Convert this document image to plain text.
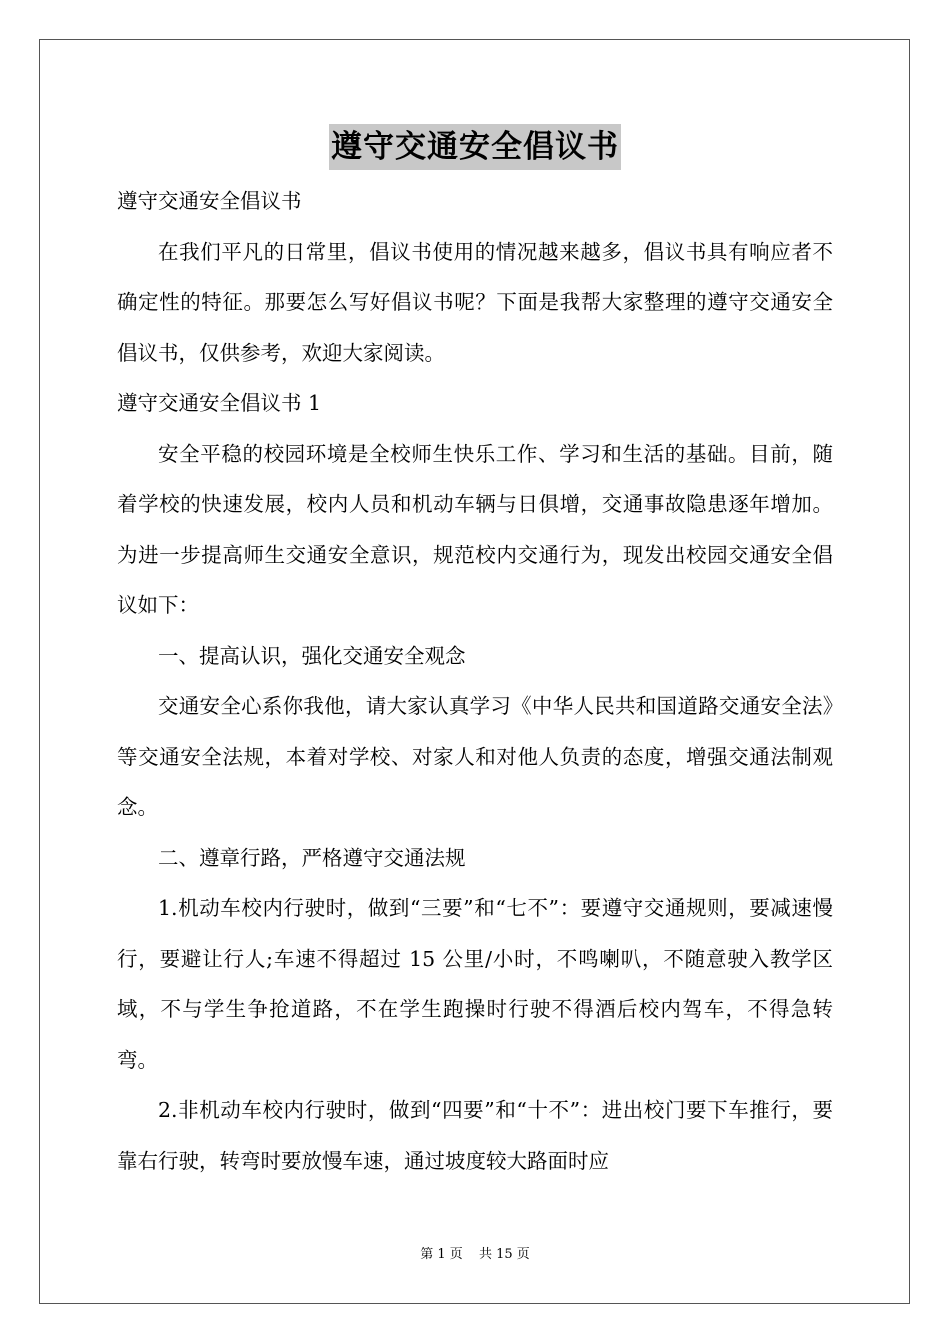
遵守交通安全倡议书

遵守交通安全倡议书

在我们平凡的日常里，倡议书使用的情况越来越多，倡议书具有响应者不确定性的特征。那要怎么写好倡议书呢？下面是我帮大家整理的遵守交通安全倡议书，仅供参考，欢迎大家阅读。

遵守交通安全倡议书 1

安全平稳的校园环境是全校师生快乐工作、学习和生活的基础。目前，随着学校的快速发展，校内人员和机动车辆与日俱增，交通事故隐患逐年增加。为进一步提高师生交通安全意识，规范校内交通行为，现发出校园交通安全倡议如下：

一、提高认识，强化交通安全观念

交通安全心系你我他，请大家认真学习《中华人民共和国道路交通安全法》等交通安全法规，本着对学校、对家人和对他人负责的态度，增强交通法制观念。

二、遵章行路，严格遵守交通法规

1.机动车校内行驶时，做到“三要”和“七不”：要遵守交通规则，要减速慢行，要避让行人;车速不得超过 15 公里/小时，不鸣喇叭，不随意驶入教学区域，不与学生争抢道路，不在学生跑操时行驶不得酒后校内驾车，不得急转弯。

2.非机动车校内行驶时，做到“四要”和“十不”：进出校门要下车推行，要靠右行驶，转弯时要放慢车速，通过坡度较大路面时应

第 1 页 共 15 页
